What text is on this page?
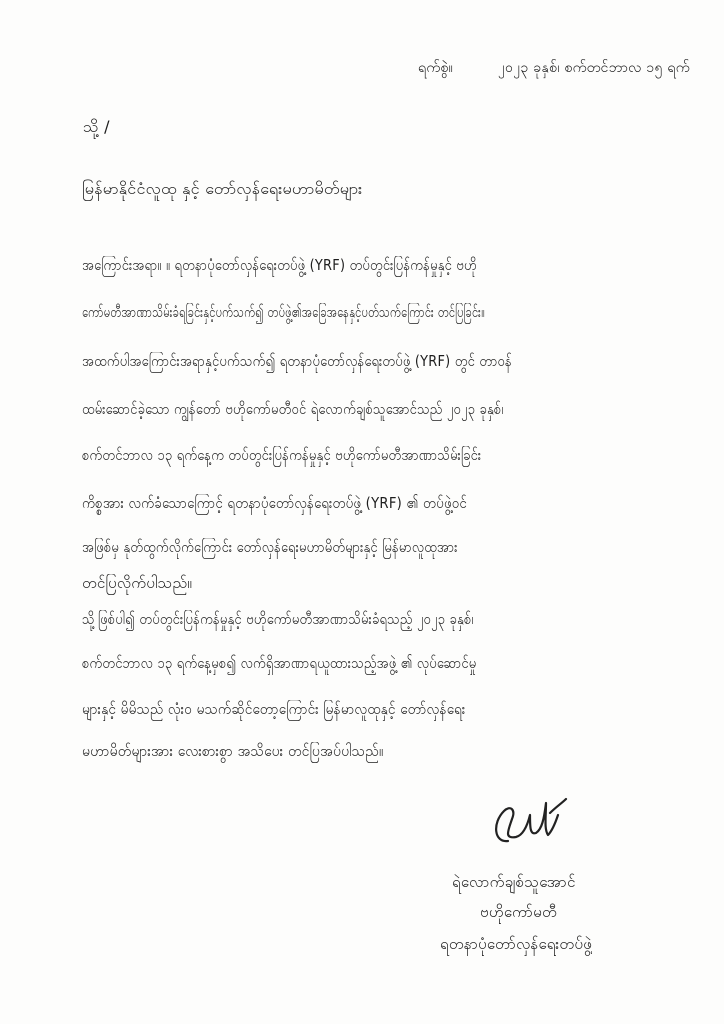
ရက်စွဲ။	၂၀၂၃ ခုနှစ်၊ စက်တင်ဘာလ ၁၅ ရက်
သို့ /
မြန်မာနိုင်ငံလူထု နှင့် တော်လှန်ရေးမဟာမိတ်များ
အကြောင်းအရာ။ ။ ရတနာပုံတော်လှန်ရေးတပ်ဖွဲ့ (YRF) တပ်တွင်းပြန်ကန်မှုနှင့် ဗဟို
ကော်မတီအာဏာသိမ်းခံရခြင်းနှင့်ပက်သက်၍ တပ်ဖွဲ့၏အခြေအနေနှင့်ပတ်သက်ကြောင်း တင်ပြခြင်း။
အထက်ပါအကြောင်းအရာနှင့်ပက်သက်၍ ရတနာပုံတော်လှန်ရေးတပ်ဖွဲ့ (YRF) တွင် တာဝန်
ထမ်းဆောင်ခဲ့သော ကျွန်တော် ဗဟိုကော်မတီဝင် ရဲလောက်ချစ်သူအောင်သည် ၂၀၂၃ ခုနှစ်၊
စက်တင်ဘာလ ၁၃ ရက်နေ့က တပ်တွင်းပြန်ကန်မှုနှင့် ဗဟိုကော်မတီအာဏာသိမ်းခြင်း
ကိစ္စအား လက်ခံသောကြောင့် ရတနာပုံတော်လှန်ရေးတပ်ဖွဲ့ (YRF) ၏ တပ်ဖွဲ့ဝင်
အဖြစ်မှ နုတ်ထွက်လိုက်ကြောင်း တော်လှန်ရေးမဟာမိတ်များနှင့် မြန်မာလူထုအား
တင်ပြလိုက်ပါသည်။
သို့ဖြစ်ပါ၍ တပ်တွင်းပြန်ကန်မှုနှင့် ဗဟိုကော်မတီအာဏာသိမ်းခံရသည့် ၂၀၂၃ ခုနှစ်၊
စက်တင်ဘာလ ၁၃ ရက်နေ့မှစ၍ လက်ရှိအာဏာရယူထားသည့်အဖွဲ့ ၏ လုပ်ဆောင်မှု
များနှင့် မိမိသည် လုံးဝ မသက်ဆိုင်တော့ကြောင်း မြန်မာလူထုနှင့် တော်လှန်ရေး
မဟာမိတ်များအား လေးစားစွာ အသိပေး တင်ပြအပ်ပါသည်။
ရဲလောက်ချစ်သူအောင်
ဗဟိုကော်မတီ
ရတနာပုံတော်လှန်ရေးတပ်ဖွဲ့
